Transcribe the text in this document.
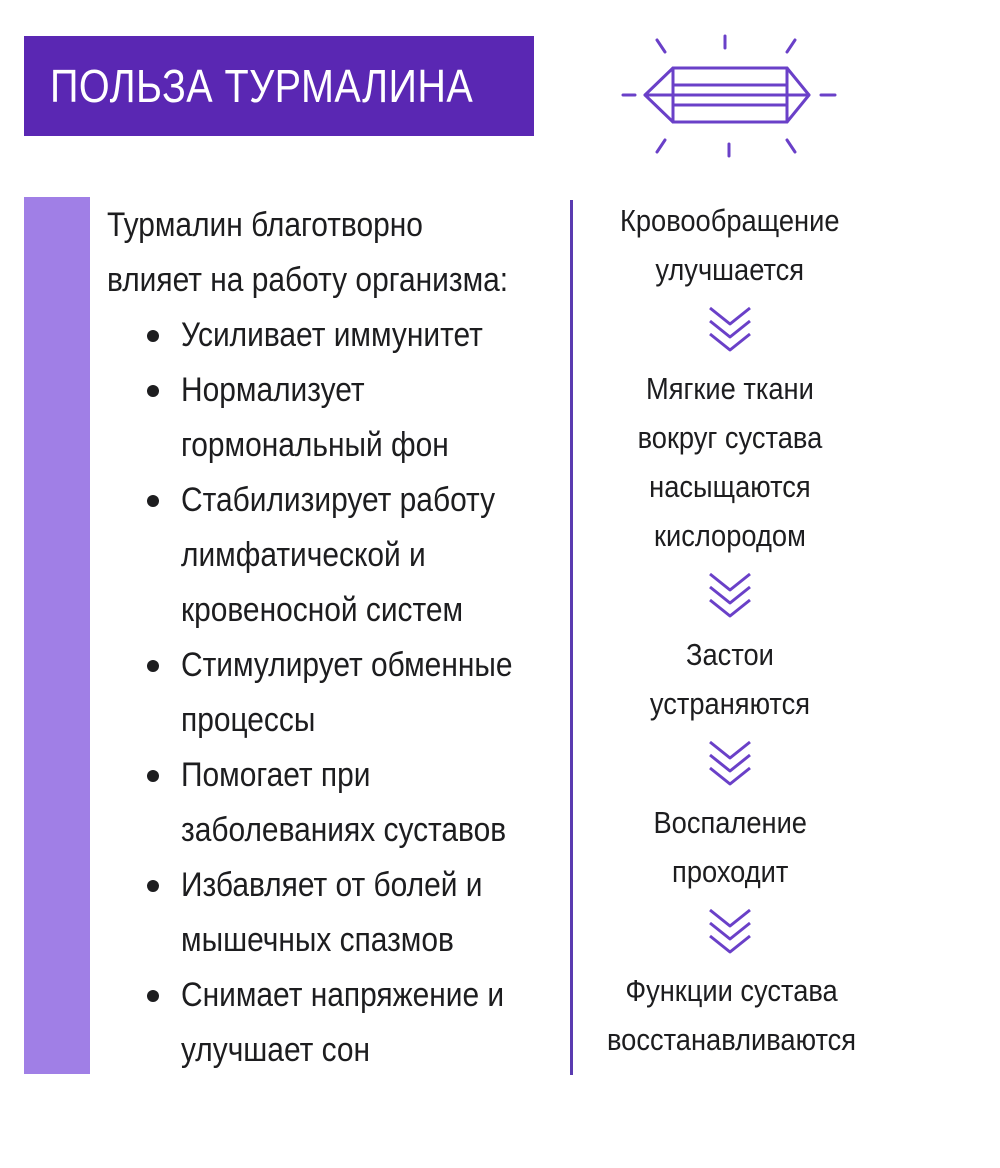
ПОЛЬЗА ТУРМАЛИНА
Турмалин благотворно
влияет на работу организма:
Усиливает иммунитет
Нормализует
гормональный фон
Стабилизирует работу
лимфатической и
кровеносной систем
Стимулирует обменные
процессы
Помогает при
заболеваниях суставов
Избавляет от болей и
мышечных спазмов
Снимает напряжение и
улучшает сон
Кровообращение
улучшается
Мягкие ткани
вокруг сустава
насыщаются
кислородом
Застои
устраняются
Воспаление
проходит
Функции сустава
восстанавливаются
